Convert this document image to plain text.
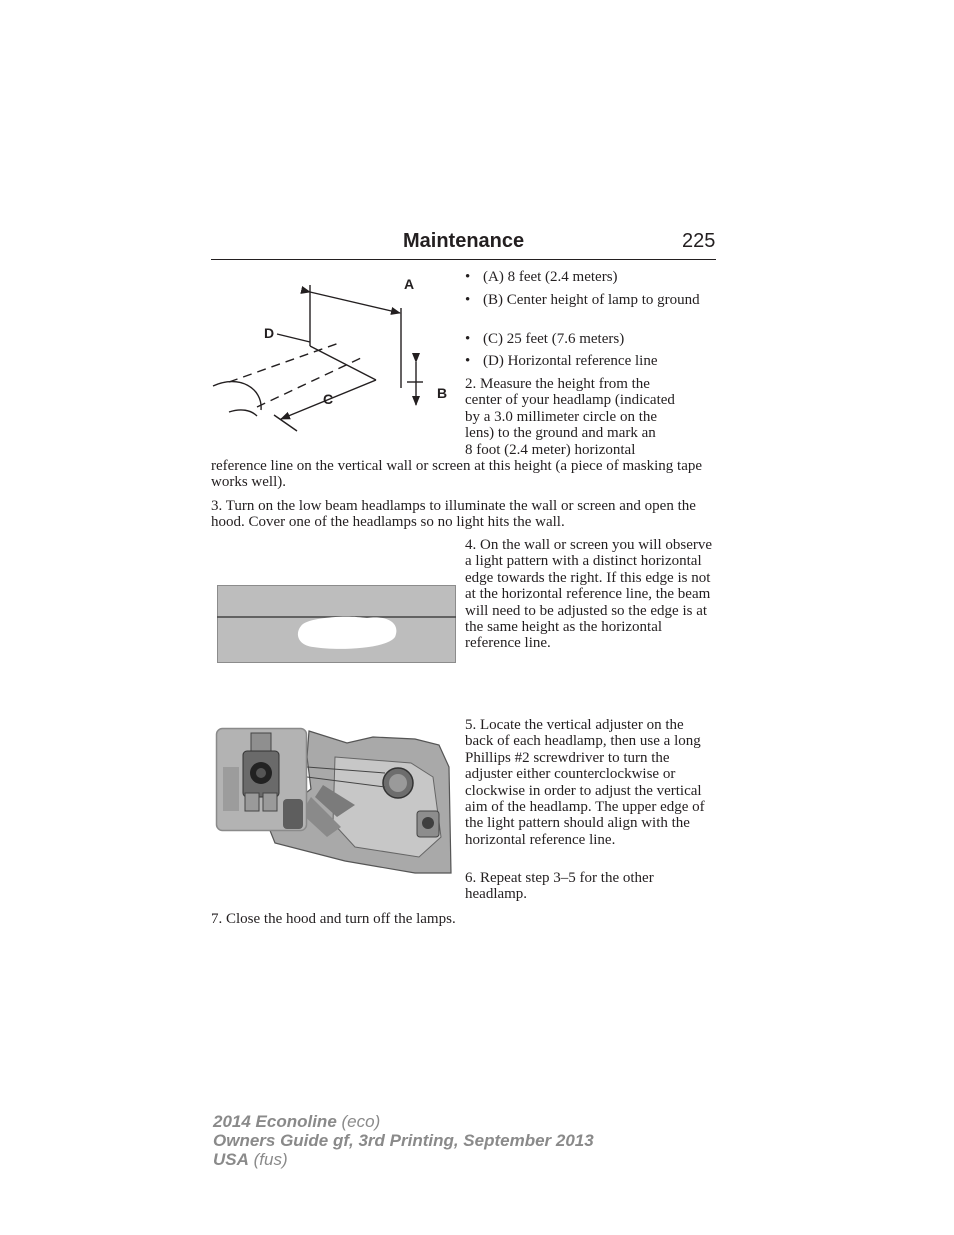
Maintenance	225
A
B
C
D
• (A) 8 feet (2.4 meters)
• (B) Center height of lamp to ground
• (C) 25 feet (7.6 meters)
• (D) Horizontal reference line
2. Measure the height from the
center of your headlamp (indicated
by a 3.0 millimeter circle on the
lens) to the ground and mark an
8 foot (2.4 meter) horizontal

reference line on the vertical wall or screen at this height (a piece of masking tape works well).

3. Turn on the low beam headlamps to illuminate the wall or screen and open the hood. Cover one of the headlamps so no light hits the wall.

4. On the wall or screen you will observe a light pattern with a distinct horizontal edge towards the right. If this edge is not at the horizontal reference line, the beam will need to be adjusted so the edge is at the same height as the horizontal reference line.

5. Locate the vertical adjuster on the back of each headlamp, then use a long Phillips #2 screwdriver to turn the adjuster either counterclockwise or clockwise in order to adjust the vertical aim of the headlamp. The upper edge of the light pattern should align with the horizontal reference line.

6. Repeat step 3–5 for the other headlamp.

7. Close the hood and turn off the lamps.

2014 Econoline (eco)
Owners Guide gf, 3rd Printing, September 2013
USA (fus)
